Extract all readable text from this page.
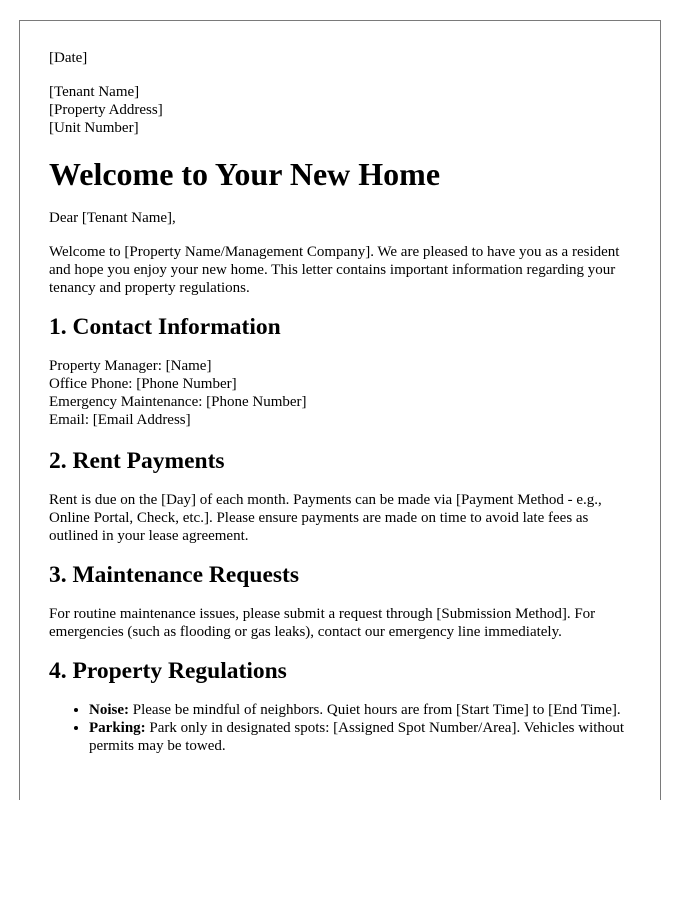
[Date]
[Tenant Name]
[Property Address]
[Unit Number]
Welcome to Your New Home

Dear [Tenant Name],

Welcome to [Property Name/Management Company]. We are pleased to have you as a resident and hope you enjoy your new home. This letter contains important information regarding your tenancy and property regulations.

1. Contact Information
Property Manager: [Name]
Office Phone: [Phone Number]
Emergency Maintenance: [Phone Number]
Email: [Email Address]
2. Rent Payments

Rent is due on the [Day] of each month. Payments can be made via [Payment Method - e.g., Online Portal, Check, etc.]. Please ensure payments are made on time to avoid late fees as outlined in your lease agreement.

3. Maintenance Requests

For routine maintenance issues, please submit a request through [Submission Method]. For emergencies (such as flooding or gas leaks), contact our emergency line immediately.

4. Property Regulations
• Noise: Please be mindful of neighbors. Quiet hours are from [Start Time] to [End Time].
• Parking: Park only in designated spots: [Assigned Spot Number/Area]. Vehicles without permits may be towed.
